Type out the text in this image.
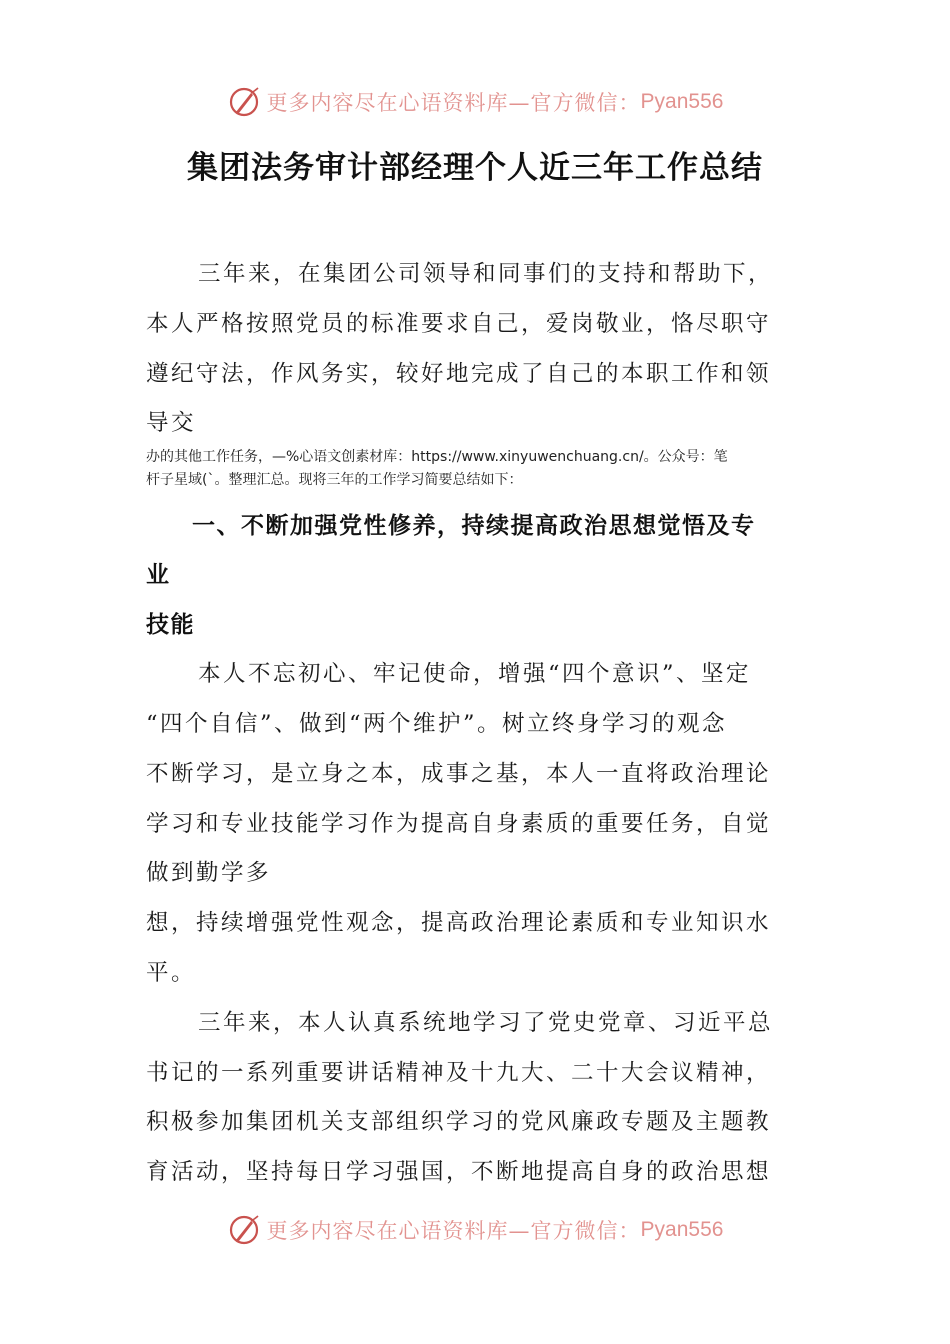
更多内容尽在心语资料库—官方微信： Pyan556
集团法务审计部经理个人近三年工作总结

三年来，在集团公司领导和同事们的支持和帮助下，

本人严格按照党员的标准要求自己，爱岗敬业，恪尽职守

遵纪守法，作风务实，较好地完成了自己的本职工作和领

导交

办的其他工作任务，—%心语文创素材库：https://www.xinyuwenchuang.cn/。公众号：笔

杆子星域(`。整理汇总。现将三年的工作学习简要总结如下：

一、不断加强党性修养，持续提高政治思想觉悟及专

业

技能

本人不忘初心、牢记使命，增强“四个意识”、坚定

“四个自信”、做到“两个维护”。树立终身学习的观念

不断学习，是立身之本，成事之基，本人一直将政治理论

学习和专业技能学习作为提高自身素质的重要任务，自觉

做到勤学多

想，持续增强党性观念，提高政治理论素质和专业知识水

平。

三年来，本人认真系统地学习了党史党章、习近平总

书记的一系列重要讲话精神及十九大、二十大会议精神，

积极参加集团机关支部组织学习的党风廉政专题及主题教

育活动，坚持每日学习强国，不断地提高自身的政治思想

更多内容尽在心语资料库—官方微信： Pyan556
